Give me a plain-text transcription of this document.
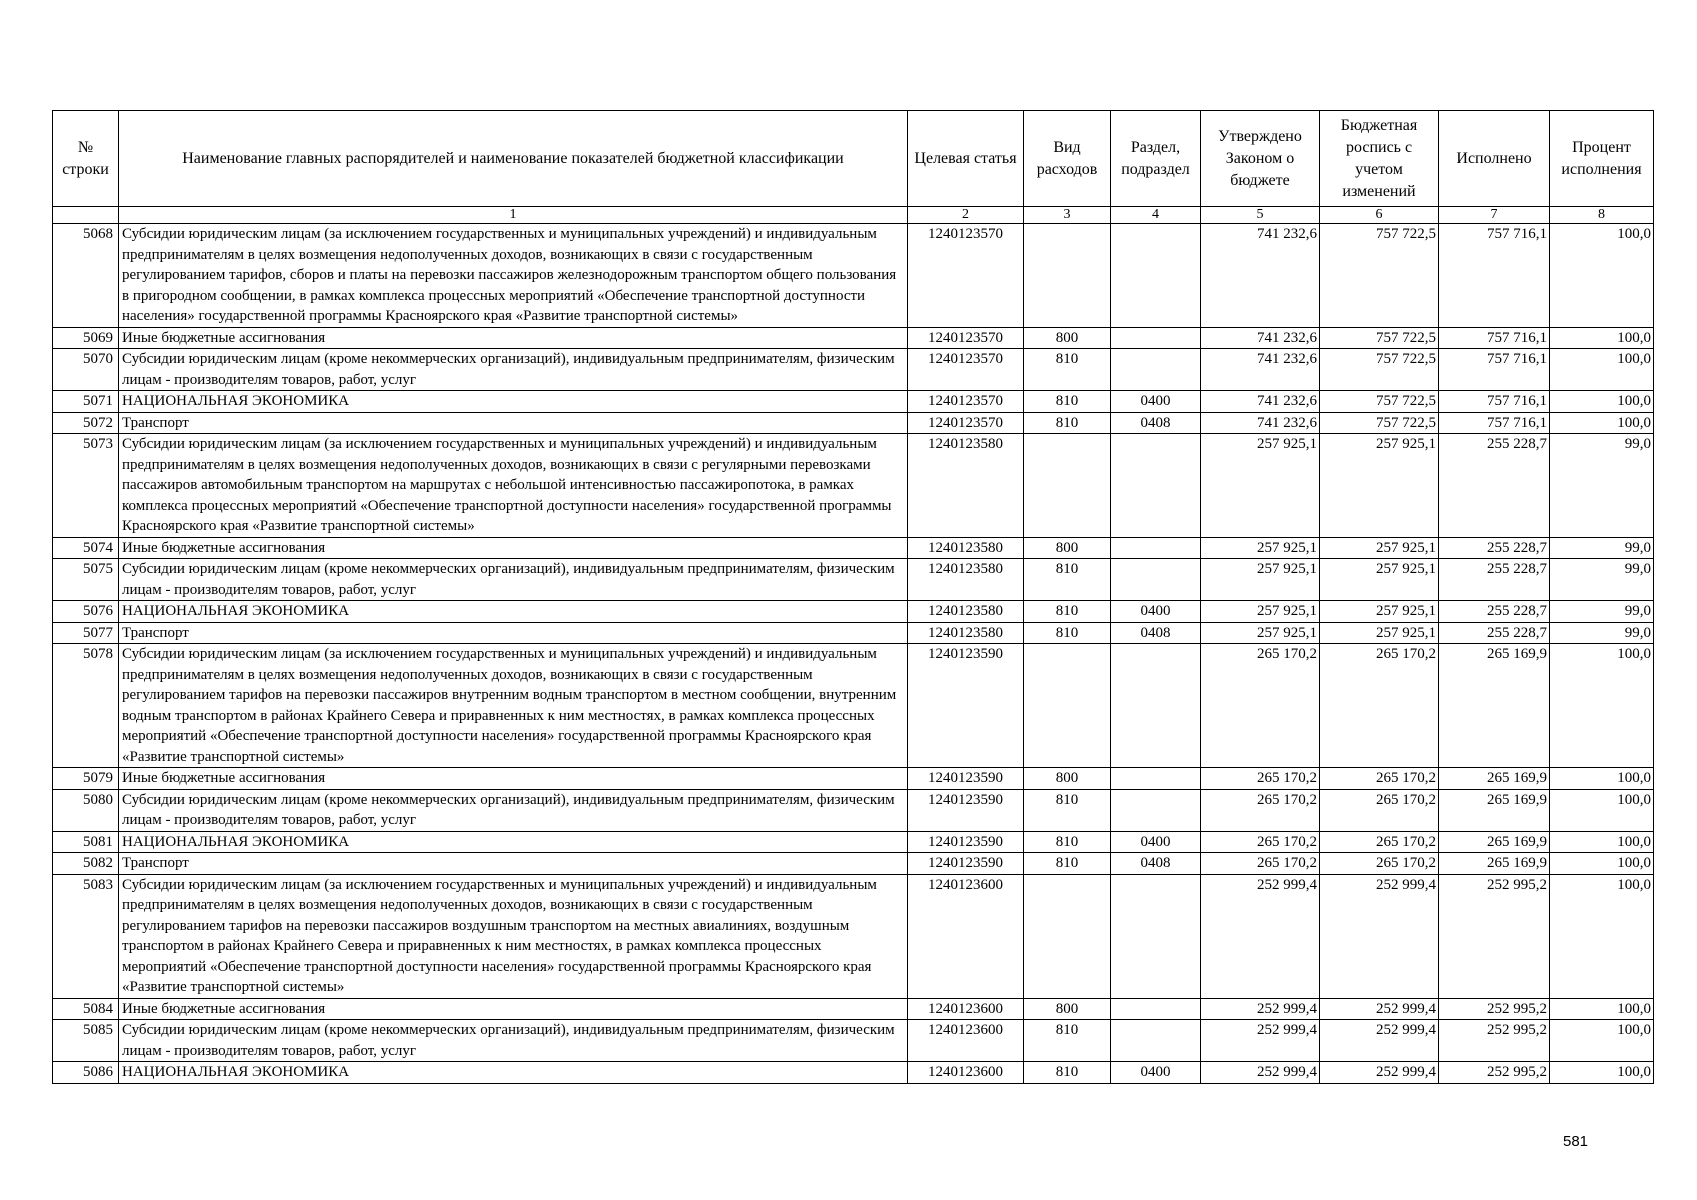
№ строки	Наименование главных распорядителей и наименование показателей бюджетной классификации	Целевая статья	Вид расходов	Раздел, подраздел	Утверждено Законом о бюджете	Бюджетная роспись с учетом изменений	Исполнено	Процент исполнения
	1	2	3	4	5	6	7	8
5068	Субсидии юридическим лицам (за исключением государственных и муниципальных учреждений) и индивидуальным предпринимателям в целях возмещения недополученных доходов, возникающих в связи с государственным регулированием тарифов, сборов и платы на перевозки пассажиров железнодорожным транспортом общего пользования в пригородном сообщении, в рамках комплекса процессных мероприятий «Обеспечение транспортной доступности населения» государственной программы Красноярского края «Развитие транспортной системы»	1240123570			741 232,6	757 722,5	757 716,1	100,0
5069	Иные бюджетные ассигнования	1240123570	800		741 232,6	757 722,5	757 716,1	100,0
5070	Субсидии юридическим лицам (кроме некоммерческих организаций), индивидуальным предпринимателям, физическим лицам - производителям товаров, работ, услуг	1240123570	810		741 232,6	757 722,5	757 716,1	100,0
5071	НАЦИОНАЛЬНАЯ ЭКОНОМИКА	1240123570	810	0400	741 232,6	757 722,5	757 716,1	100,0
5072	Транспорт	1240123570	810	0408	741 232,6	757 722,5	757 716,1	100,0
5073	Субсидии юридическим лицам (за исключением государственных и муниципальных учреждений) и индивидуальным предпринимателям в целях возмещения недополученных доходов, возникающих в связи с регулярными перевозками пассажиров автомобильным транспортом на маршрутах с небольшой интенсивностью пассажиропотока, в рамках комплекса процессных мероприятий «Обеспечение транспортной доступности населения» государственной программы Красноярского края «Развитие транспортной системы»	1240123580			257 925,1	257 925,1	255 228,7	99,0
5074	Иные бюджетные ассигнования	1240123580	800		257 925,1	257 925,1	255 228,7	99,0
5075	Субсидии юридическим лицам (кроме некоммерческих организаций), индивидуальным предпринимателям, физическим лицам - производителям товаров, работ, услуг	1240123580	810		257 925,1	257 925,1	255 228,7	99,0
5076	НАЦИОНАЛЬНАЯ ЭКОНОМИКА	1240123580	810	0400	257 925,1	257 925,1	255 228,7	99,0
5077	Транспорт	1240123580	810	0408	257 925,1	257 925,1	255 228,7	99,0
5078	Субсидии юридическим лицам (за исключением государственных и муниципальных учреждений) и индивидуальным предпринимателям в целях возмещения недополученных доходов, возникающих в связи с государственным регулированием тарифов на перевозки пассажиров внутренним водным транспортом в местном сообщении, внутренним водным транспортом в районах Крайнего Севера и приравненных к ним местностях, в рамках комплекса процессных мероприятий «Обеспечение транспортной доступности населения» государственной программы Красноярского края «Развитие транспортной системы»	1240123590			265 170,2	265 170,2	265 169,9	100,0
5079	Иные бюджетные ассигнования	1240123590	800		265 170,2	265 170,2	265 169,9	100,0
5080	Субсидии юридическим лицам (кроме некоммерческих организаций), индивидуальным предпринимателям, физическим лицам - производителям товаров, работ, услуг	1240123590	810		265 170,2	265 170,2	265 169,9	100,0
5081	НАЦИОНАЛЬНАЯ ЭКОНОМИКА	1240123590	810	0400	265 170,2	265 170,2	265 169,9	100,0
5082	Транспорт	1240123590	810	0408	265 170,2	265 170,2	265 169,9	100,0
5083	Субсидии юридическим лицам (за исключением государственных и муниципальных учреждений) и индивидуальным предпринимателям в целях возмещения недополученных доходов, возникающих в связи с государственным регулированием тарифов на перевозки пассажиров воздушным транспортом на местных авиалиниях, воздушным транспортом в районах Крайнего Севера и приравненных к ним местностях, в рамках комплекса процессных мероприятий «Обеспечение транспортной доступности населения» государственной программы Красноярского края «Развитие транспортной системы»	1240123600			252 999,4	252 999,4	252 995,2	100,0
5084	Иные бюджетные ассигнования	1240123600	800		252 999,4	252 999,4	252 995,2	100,0
5085	Субсидии юридическим лицам (кроме некоммерческих организаций), индивидуальным предпринимателям, физическим лицам - производителям товаров, работ, услуг	1240123600	810		252 999,4	252 999,4	252 995,2	100,0
5086	НАЦИОНАЛЬНАЯ ЭКОНОМИКА	1240123600	810	0400	252 999,4	252 999,4	252 995,2	100,0
581
